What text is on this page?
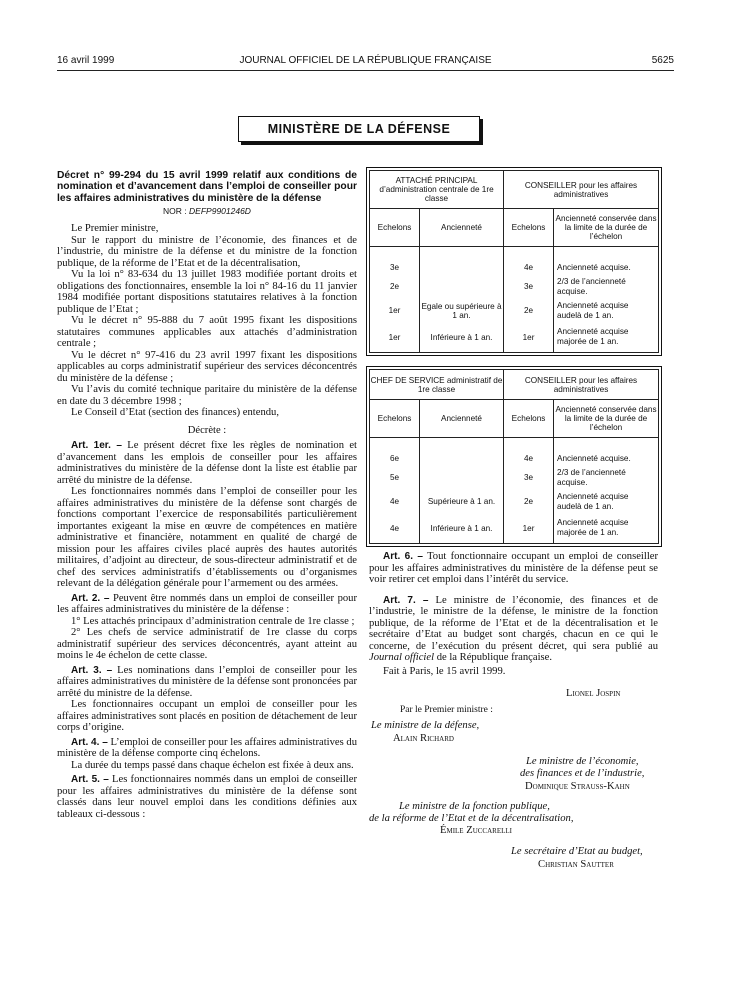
16 avril 1999	JOURNAL OFFICIEL DE LA RÉPUBLIQUE FRANÇAISE	5625
MINISTÈRE DE LA DÉFENSE

Décret n° 99-294 du 15 avril 1999 relatif aux conditions de nomination et d’avancement dans l’emploi de conseiller pour les affaires administratives du ministère de la défense

NOR : DEFP9901246D

Le Premier ministre,

Sur le rapport du ministre de l’économie, des finances et de l’industrie, du ministre de la défense et du ministre de la fonction publique, de la réforme de l’Etat et de la décentralisation,

Vu la loi n° 83-634 du 13 juillet 1983 modifiée portant droits et obligations des fonctionnaires, ensemble la loi n° 84-16 du 11 janvier 1984 modifiée portant dispositions statutaires relatives à la fonction publique de l’Etat ;

Vu le décret n° 95-888 du 7 août 1995 fixant les dispositions statutaires communes applicables aux attachés d’administration centrale ;

Vu le décret n° 97-416 du 23 avril 1997 fixant les dispositions applicables au corps administratif supérieur des services déconcentrés du ministère de la défense ;

Vu l’avis du comité technique paritaire du ministère de la défense en date du 3 décembre 1998 ;

Le Conseil d’Etat (section des finances) entendu,

Décrète :

Art. 1er. – Le présent décret fixe les règles de nomination et d’avancement dans les emplois de conseiller pour les affaires administratives du ministère de la défense dont la liste est établie par arrêté du ministre de la défense.

Les fonctionnaires nommés dans l’emploi de conseiller pour les affaires administratives du ministère de la défense sont chargés de fonctions comportant l’exercice de responsabilités particulièrement importantes exigeant la mise en œuvre de compétences en matière administrative et financière, notamment en qualité de chargé de mission pour les affaires civiles placé auprès des hautes autorités militaires, d’adjoint au directeur, de sous-directeur administratif et de chef des services administratifs d’établissements ou d’organismes relevant de la délégation générale pour l’armement ou des armées.

Art. 2. – Peuvent être nommés dans un emploi de conseiller pour les affaires administratives du ministère de la défense :

1° Les attachés principaux d’administration centrale de 1re classe ;

2° Les chefs de service administratif de 1re classe du corps administratif supérieur des services déconcentrés, ayant atteint au moins le 4e échelon de cette classe.

Art. 3. – Les nominations dans l’emploi de conseiller pour les affaires administratives du ministère de la défense sont prononcées par arrêté du ministre de la défense.

Les fonctionnaires occupant un emploi de conseiller pour les affaires administratives sont placés en position de détachement de leur corps d’origine.

Art. 4. – L’emploi de conseiller pour les affaires administratives du ministère de la défense comporte cinq échelons.

La durée du temps passé dans chaque échelon est fixée à deux ans.

Art. 5. – Les fonctionnaires nommés dans un emploi de conseiller pour les affaires administratives du ministère de la défense sont classés dans leur nouvel emploi dans les conditions définies aux tableaux ci-dessous :

ATTACHÉ PRINCIPAL d’administration centrale de 1re classe		CONSEILLER pour les affaires administratives	
Echelons	Ancienneté	Echelons	Ancienneté conservée dans la limite de la durée de l’échelon

3e		4e	Ancienneté acquise.
2e		3e	2/3 de l’ancienneté acquise.
1er	Egale ou supérieure à 1 an.	2e	Ancienneté acquise audelà de 1 an.
1er	Inférieure à 1 an.	1er	Ancienneté acquise majorée de 1 an.
CHEF DE SERVICE administratif de 1re classe		CONSEILLER pour les affaires administratives	
Echelons	Ancienneté	Echelons	Ancienneté conservée dans la limite de la durée de l’échelon

6e		4e	Ancienneté acquise.
5e		3e	2/3 de l’ancienneté acquise.
4e	Supérieure à 1 an.	2e	Ancienneté acquise audelà de 1 an.
4e	Inférieure à 1 an.	1er	Ancienneté acquise majorée de 1 an.

Art. 6. – Tout fonctionnaire occupant un emploi de conseiller pour les affaires administratives du ministère de la défense peut se voir retirer cet emploi dans l’intérêt du service.

Art. 7. – Le ministre de l’économie, des finances et de l’industrie, le ministre de la défense, le ministre de la fonction publique, de la réforme de l’Etat et de la décentralisation et le secrétaire d’Etat au budget sont chargés, chacun en ce qui le concerne, de l’exécution du présent décret, qui sera publié au Journal officiel de la République française.

Fait à Paris, le 15 avril 1999.
Lionel Jospin
Par le Premier ministre :
Le ministre de la défense,
Alain Richard
Le ministre de l’économie,
des finances et de l’industrie,
Dominique Strauss-Kahn
Le ministre de la fonction publique,
de la réforme de l’Etat et de la décentralisation,
Émile Zuccarelli
Le secrétaire d’Etat au budget,
Christian Sautter
